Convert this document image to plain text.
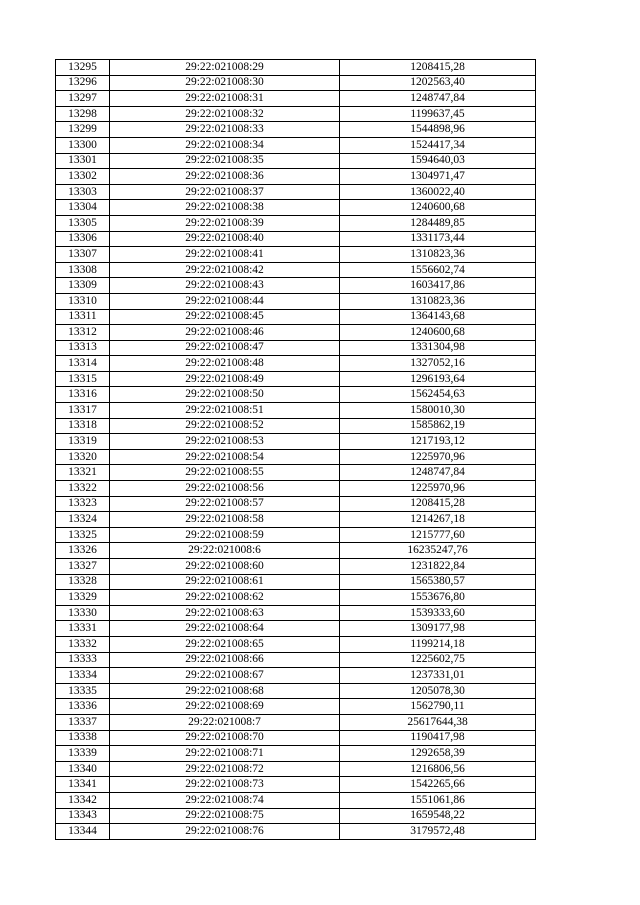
13295	29:22:021008:29	1208415,28
13296	29:22:021008:30	1202563,40
13297	29:22:021008:31	1248747,84
13298	29:22:021008:32	1199637,45
13299	29:22:021008:33	1544898,96
13300	29:22:021008:34	1524417,34
13301	29:22:021008:35	1594640,03
13302	29:22:021008:36	1304971,47
13303	29:22:021008:37	1360022,40
13304	29:22:021008:38	1240600,68
13305	29:22:021008:39	1284489,85
13306	29:22:021008:40	1331173,44
13307	29:22:021008:41	1310823,36
13308	29:22:021008:42	1556602,74
13309	29:22:021008:43	1603417,86
13310	29:22:021008:44	1310823,36
13311	29:22:021008:45	1364143,68
13312	29:22:021008:46	1240600,68
13313	29:22:021008:47	1331304,98
13314	29:22:021008:48	1327052,16
13315	29:22:021008:49	1296193,64
13316	29:22:021008:50	1562454,63
13317	29:22:021008:51	1580010,30
13318	29:22:021008:52	1585862,19
13319	29:22:021008:53	1217193,12
13320	29:22:021008:54	1225970,96
13321	29:22:021008:55	1248747,84
13322	29:22:021008:56	1225970,96
13323	29:22:021008:57	1208415,28
13324	29:22:021008:58	1214267,18
13325	29:22:021008:59	1215777,60
13326	29:22:021008:6	16235247,76
13327	29:22:021008:60	1231822,84
13328	29:22:021008:61	1565380,57
13329	29:22:021008:62	1553676,80
13330	29:22:021008:63	1539333,60
13331	29:22:021008:64	1309177,98
13332	29:22:021008:65	1199214,18
13333	29:22:021008:66	1225602,75
13334	29:22:021008:67	1237331,01
13335	29:22:021008:68	1205078,30
13336	29:22:021008:69	1562790,11
13337	29:22:021008:7	25617644,38
13338	29:22:021008:70	1190417,98
13339	29:22:021008:71	1292658,39
13340	29:22:021008:72	1216806,56
13341	29:22:021008:73	1542265,66
13342	29:22:021008:74	1551061,86
13343	29:22:021008:75	1659548,22
13344	29:22:021008:76	3179572,48
